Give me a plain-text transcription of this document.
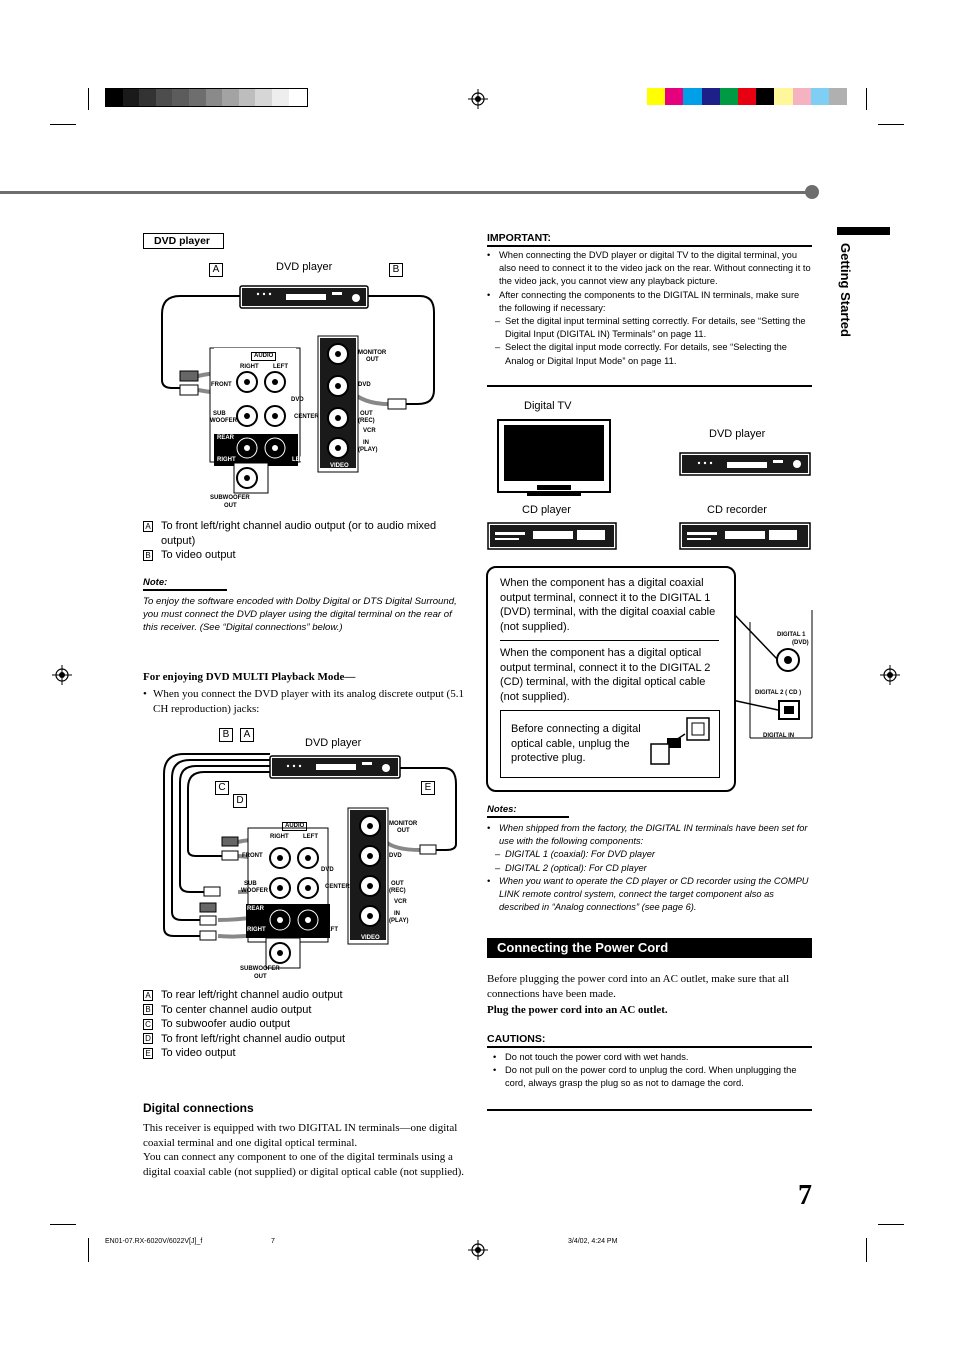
Getting Started
DVD player
DVD player
A	B
AUDIO
RIGHT LEFT
FRONT
DVD
SUB
WOOFER
CENTER
REAR
RIGHT	LEFT
SUBWOOFER
OUT
MONITOR
OUT
DVD
OUT
(REC)
VCR
IN
(PLAY)
VIDEO
A To front left/right channel audio output (or to audio mixed
output)
B To video output
Note:
To enjoy the software encoded with Dolby Digital or DTS Digital Surround, you must connect the DVD player using the digital terminal on the rear of this receiver. (See “Digital connections” below.)
For enjoying DVD MULTI Playback Mode—
• When you connect the DVD player with its analog discrete output (5.1 CH reproduction) jacks:
DVD player
B	A
C
D
E
AUDIO
RIGHT LEFT
FRONT
DVD
SUB
WOOFER
CENTER
REAR
RIGHT	LEFT
SUBWOOFER
OUT
MONITOR
OUT
DVD
OUT
(REC)
VCR
IN
(PLAY)
VIDEO
A To rear left/right channel audio output
B To center channel audio output
C To subwoofer audio output
D To front left/right channel audio output
E To video output
Digital connections
This receiver is equipped with two DIGITAL IN terminals—one digital coaxial terminal and one digital optical terminal.
You can connect any component to one of the digital terminals using a digital coaxial cable (not supplied) or digital optical cable (not supplied).
IMPORTANT:
• When connecting the DVD player or digital TV to the digital terminal, you also need to connect it to the video jack on the rear. Without connecting it to the video jack, you cannot view any playback picture.
• After connecting the components to the DIGITAL IN terminals, make sure the following if necessary:
– Set the digital input terminal setting correctly. For details, see “Setting the Digital Input (DIGITAL IN) Terminals” on page 11.
– Select the digital input mode correctly. For details, see “Selecting the Analog or Digital Input Mode” on page 11.
Digital TV
DVD player
CD player	CD recorder
When the component has a digital coaxial output terminal, connect it to the DIGITAL 1 (DVD) terminal, with the digital coaxial cable (not supplied).
When the component has a digital optical output terminal, connect it to the DIGITAL 2 (CD) terminal, with the digital optical cable (not supplied).
Before connecting a digital optical cable, unplug the protective plug.
DIGITAL 1
(DVD)
DIGITAL 2 ( CD )
DIGITAL IN
Notes:
• When shipped from the factory, the DIGITAL IN terminals have been set for use with the following components:
– DIGITAL 1 (coaxial): For DVD player
– DIGITAL 2 (optical): For CD player
• When you want to operate the CD player or CD recorder using the COMPU LINK remote control system, connect the target component also as described in “Analog connections” (see page 6).
Connecting the Power Cord
Before plugging the power cord into an AC outlet, make sure that all connections have been made.
Plug the power cord into an AC outlet.
CAUTIONS:
• Do not touch the power cord with wet hands.
• Do not pull on the power cord to unplug the cord. When unplugging the cord, always grasp the plug so as not to damage the cord.
7
EN01-07.RX-6020V/6022V[J]_f	7	3/4/02, 4:24 PM
